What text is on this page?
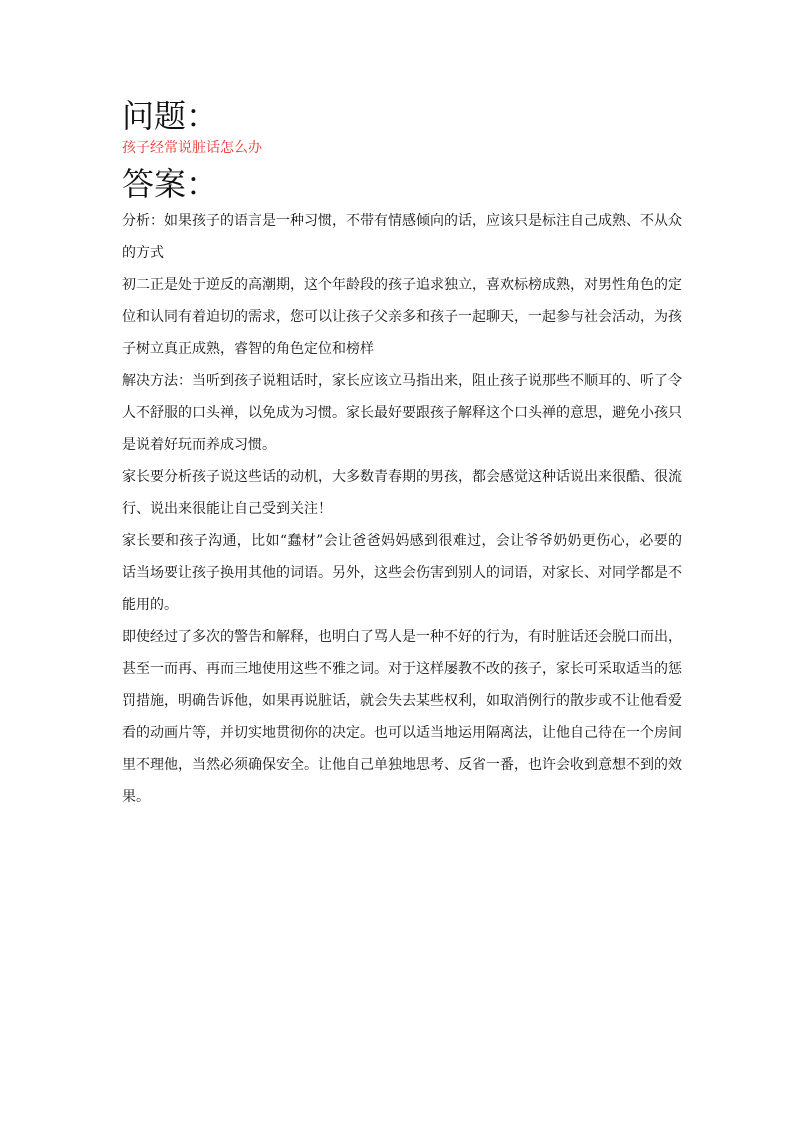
问题：
孩子经常说脏话怎么办
答案：

分析：如果孩子的语言是一种习惯，不带有情感倾向的话，应该只是标注自己成熟、不从众的方式

初二正是处于逆反的高潮期，这个年龄段的孩子追求独立，喜欢标榜成熟，对男性角色的定位和认同有着迫切的需求，您可以让孩子父亲多和孩子一起聊天，一起参与社会活动，为孩子树立真正成熟，睿智的角色定位和榜样

解决方法：当听到孩子说粗话时，家长应该立马指出来，阻止孩子说那些不顺耳的、听了令人不舒服的口头禅，以免成为习惯。家长最好要跟孩子解释这个口头禅的意思，避免小孩只是说着好玩而养成习惯。

家长要分析孩子说这些话的动机，大多数青春期的男孩，都会感觉这种话说出来很酷、很流行、说出来很能让自己受到关注！

家长要和孩子沟通，比如“蠢材”会让爸爸妈妈感到很难过，会让爷爷奶奶更伤心，必要的话当场要让孩子换用其他的词语。另外，这些会伤害到别人的词语，对家长、对同学都是不能用的。

即使经过了多次的警告和解释，也明白了骂人是一种不好的行为，有时脏话还会脱口而出，甚至一而再、再而三地使用这些不雅之词。对于这样屡教不改的孩子，家长可采取适当的惩罚措施，明确告诉他，如果再说脏话，就会失去某些权利，如取消例行的散步或不让他看爱看的动画片等，并切实地贯彻你的决定。也可以适当地运用隔离法，让他自己待在一个房间里不理他，当然必须确保安全。让他自己单独地思考、反省一番，也许会收到意想不到的效果。
